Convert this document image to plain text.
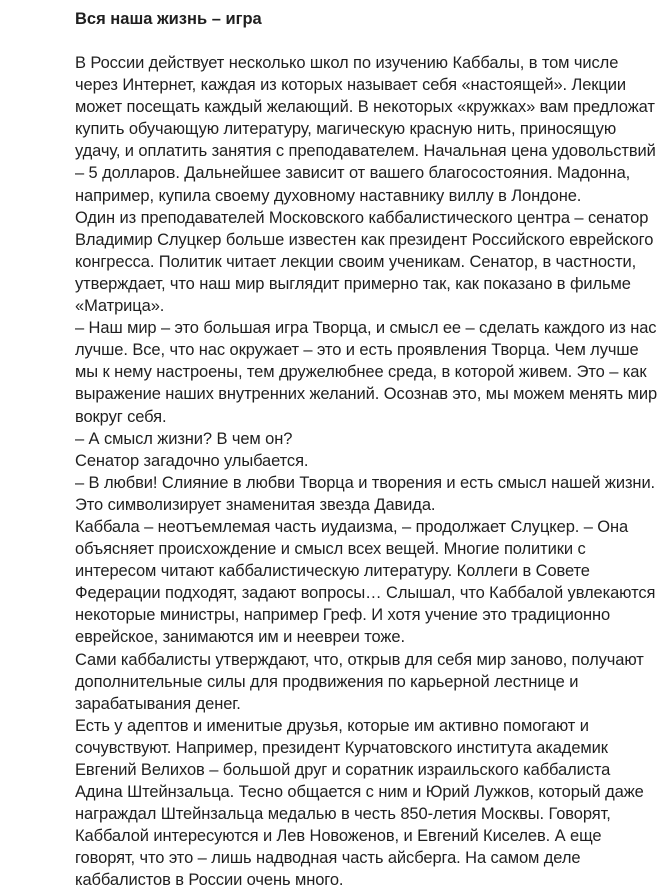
Вся наша жизнь – игра
В России действует несколько школ по изучению Каббалы, в том числе
через Интернет, каждая из которых называет себя «настоящей». Лекции
может посещать каждый желающий. В некоторых «кружках» вам предложат
купить обучающую литературу, магическую красную нить, приносящую
удачу, и оплатить занятия с преподавателем. Начальная цена удовольствий
– 5 долларов. Дальнейшее зависит от вашего благосостояния. Мадонна,
например, купила своему духовному наставнику виллу в Лондоне.
Один из преподавателей Московского каббалистического центра – сенатор
Владимир Слуцкер больше известен как президент Российского еврейского
конгресса. Политик читает лекции своим ученикам. Сенатор, в частности,
утверждает, что наш мир выглядит примерно так, как показано в фильме
«Матрица».
– Наш мир – это большая игра Творца, и смысл ее – сделать каждого из нас
лучше. Все, что нас окружает – это и есть проявления Творца. Чем лучше
мы к нему настроены, тем дружелюбнее среда, в которой живем. Это – как
выражение наших внутренних желаний. Осознав это, мы можем менять мир
вокруг себя.
– А смысл жизни? В чем он?
Сенатор загадочно улыбается.
– В любви! Слияние в любви Творца и творения и есть смысл нашей жизни.
Это символизирует знаменитая звезда Давида.
Каббала – неотъемлемая часть иудаизма, – продолжает Слуцкер. – Она
объясняет происхождение и смысл всех вещей. Многие политики с
интересом читают каббалистическую литературу. Коллеги в Совете
Федерации подходят, задают вопросы… Слышал, что Каббалой увлекаются
некоторые министры, например Греф. И хотя учение это традиционно
еврейское, занимаются им и неевреи тоже.
Сами каббалисты утверждают, что, открыв для себя мир заново, получают
дополнительные силы для продвижения по карьерной лестнице и
зарабатывания денег.
Есть у адептов и именитые друзья, которые им активно помогают и
сочувствуют. Например, президент Курчатовского института академик
Евгений Велихов – большой друг и соратник израильского каббалиста
Адина Штейнзальца. Тесно общается с ним и Юрий Лужков, который даже
награждал Штейнзальца медалью в честь 850-летия Москвы. Говорят,
Каббалой интересуются и Лев Новоженов, и Евгений Киселев. А еще
говорят, что это – лишь надводная часть айсберга. На самом деле
каббалистов в России очень много.
